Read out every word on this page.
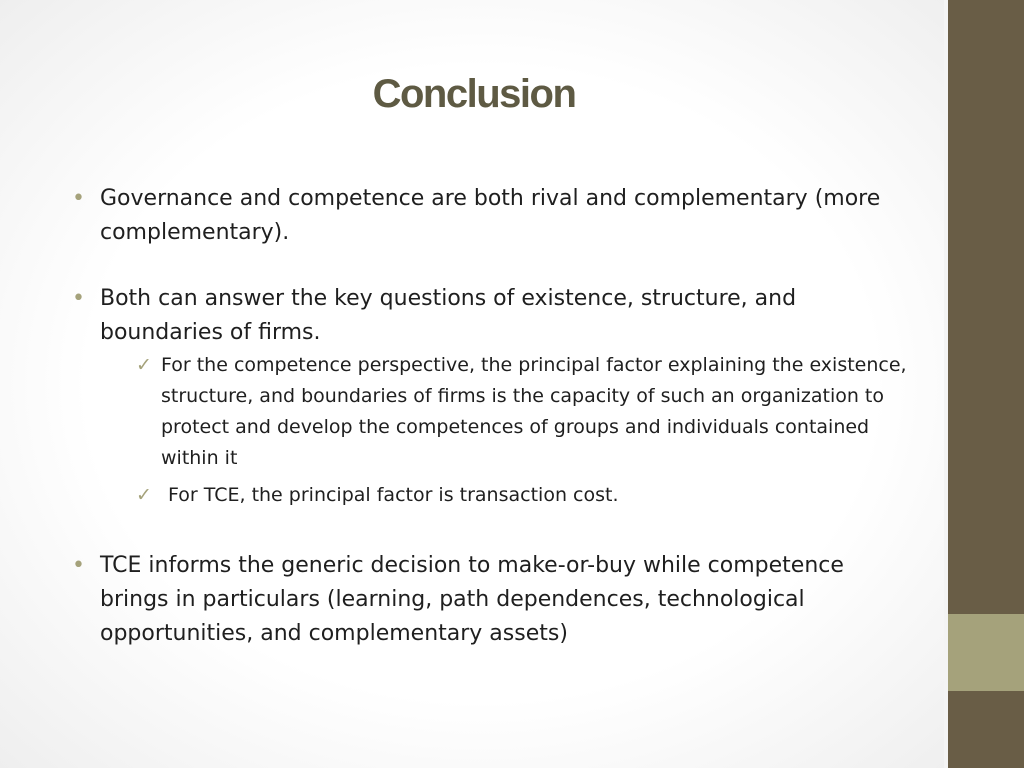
Conclusion
• Governance and competence are both rival and complementary (more complementary).
• Both can answer the key questions of existence, structure, and boundaries of firms.
✓ For the competence perspective, the principal factor explaining the existence, structure, and boundaries of firms is the capacity of such an organization to protect and develop the competences of groups and individuals contained within it
✓ For TCE, the principal factor is transaction cost.
• TCE informs the generic decision to make-or-buy while competence brings in particulars (learning, path dependences, technological opportunities, and complementary assets)
